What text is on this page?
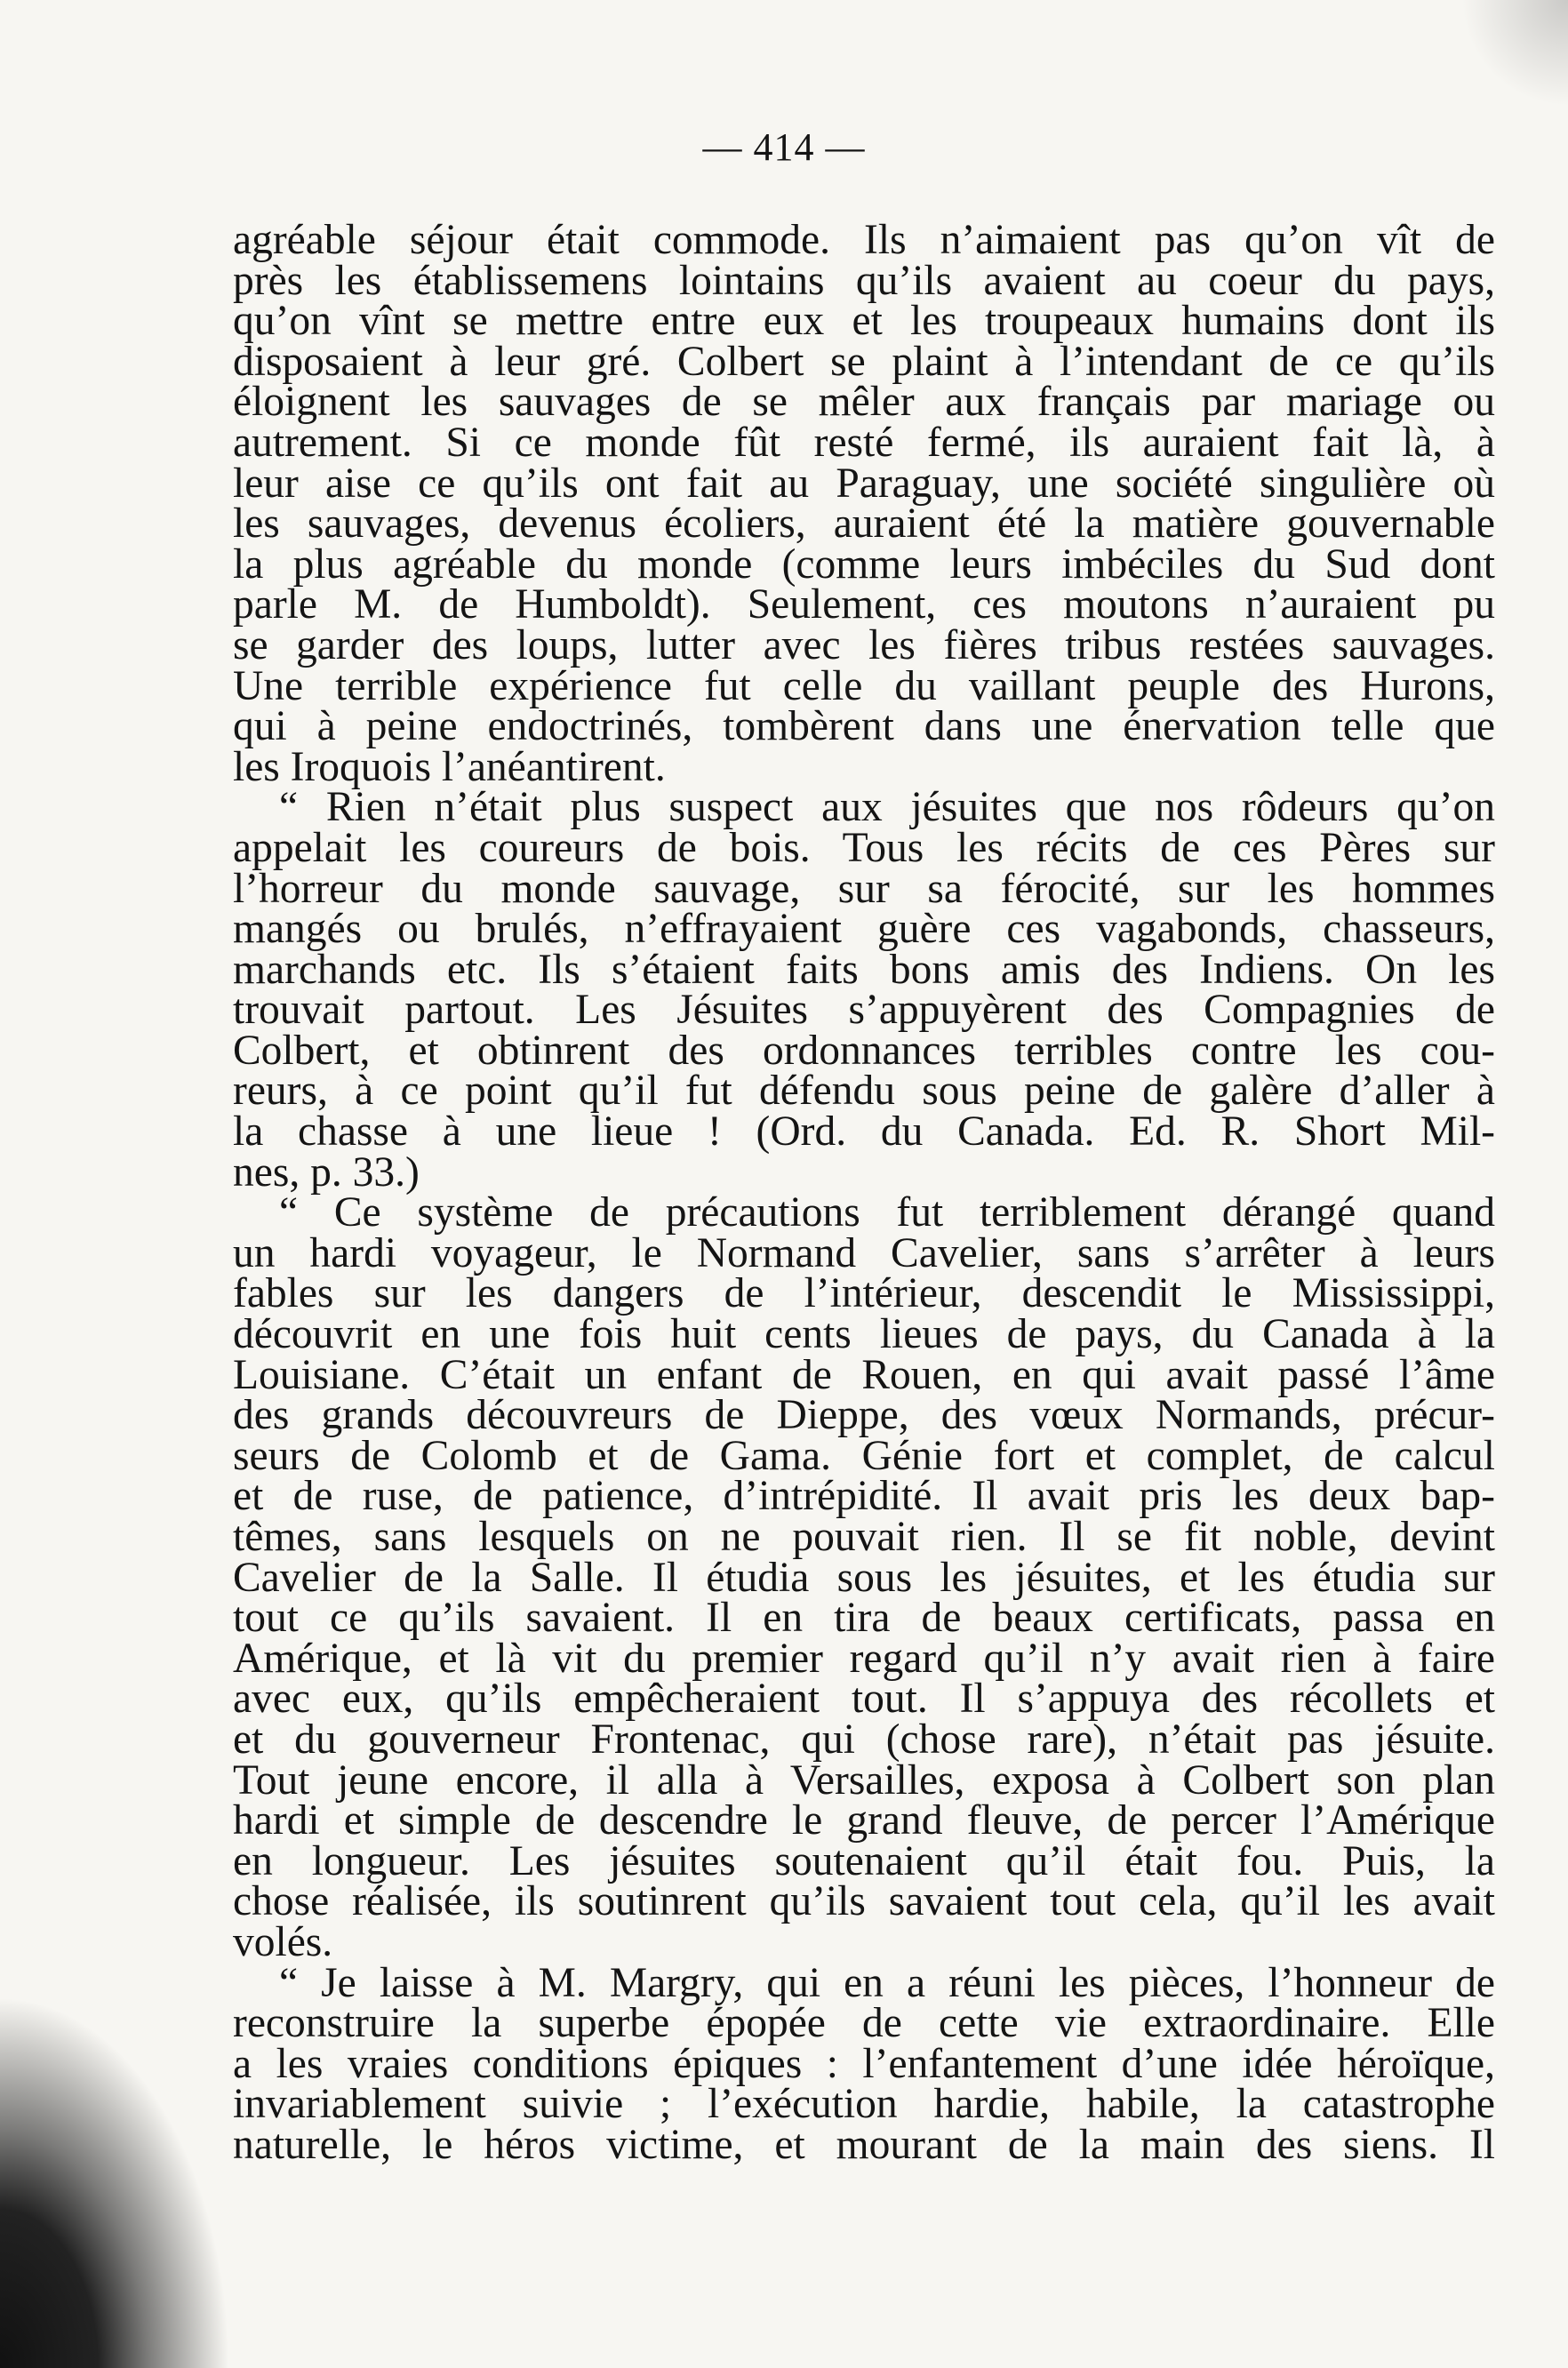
— 414 —
agréable séjour était commode. Ils n’aimaient pas qu’on vît de
près les établissemens lointains qu’ils avaient au coeur du pays,
qu’on vînt se mettre entre eux et les troupeaux humains dont ils
disposaient à leur gré. Colbert se plaint à l’intendant de ce qu’ils
éloignent les sauvages de se mêler aux français par mariage ou
autrement. Si ce monde fût resté fermé, ils auraient fait là, à
leur aise ce qu’ils ont fait au Paraguay, une société singulière où
les sauvages, devenus écoliers, auraient été la matière gouvernable
la plus agréable du monde (comme leurs imbéciles du Sud dont
parle M. de Humboldt). Seulement, ces moutons n’auraient pu
se garder des loups, lutter avec les fières tribus restées sauvages.
Une terrible expérience fut celle du vaillant peuple des Hurons,
qui à peine endoctrinés, tombèrent dans une énervation telle que
les Iroquois l’anéantirent.
“ Rien n’était plus suspect aux jésuites que nos rôdeurs qu’on
appelait les coureurs de bois. Tous les récits de ces Pères sur
l’horreur du monde sauvage, sur sa férocité, sur les hommes
mangés ou brulés, n’effrayaient guère ces vagabonds, chasseurs,
marchands etc. Ils s’étaient faits bons amis des Indiens. On les
trouvait partout. Les Jésuites s’appuyèrent des Compagnies de
Colbert, et obtinrent des ordonnances terribles contre les cou-
reurs, à ce point qu’il fut défendu sous peine de galère d’aller à
la chasse à une lieue ! (Ord. du Canada. Ed. R. Short Mil-
nes, p. 33.)
“ Ce système de précautions fut terriblement dérangé quand
un hardi voyageur, le Normand Cavelier, sans s’arrêter à leurs
fables sur les dangers de l’intérieur, descendit le Mississippi,
découvrit en une fois huit cents lieues de pays, du Canada à la
Louisiane. C’était un enfant de Rouen, en qui avait passé l’âme
des grands découvreurs de Dieppe, des vœux Normands, précur-
seurs de Colomb et de Gama. Génie fort et complet, de calcul
et de ruse, de patience, d’intrépidité. Il avait pris les deux bap-
têmes, sans lesquels on ne pouvait rien. Il se fit noble, devint
Cavelier de la Salle. Il étudia sous les jésuites, et les étudia sur
tout ce qu’ils savaient. Il en tira de beaux certificats, passa en
Amérique, et là vit du premier regard qu’il n’y avait rien à faire
avec eux, qu’ils empêcheraient tout. Il s’appuya des récollets et
et du gouverneur Frontenac, qui (chose rare), n’était pas jésuite.
Tout jeune encore, il alla à Versailles, exposa à Colbert son plan
hardi et simple de descendre le grand fleuve, de percer l’Amérique
en longueur. Les jésuites soutenaient qu’il était fou. Puis, la
chose réalisée, ils soutinrent qu’ils savaient tout cela, qu’il les avait
volés.
“ Je laisse à M. Margry, qui en a réuni les pièces, l’honneur de
reconstruire la superbe épopée de cette vie extraordinaire. Elle
a les vraies conditions épiques : l’enfantement d’une idée héroïque,
invariablement suivie ; l’exécution hardie, habile, la catastrophe
naturelle, le héros victime, et mourant de la main des siens. Il
